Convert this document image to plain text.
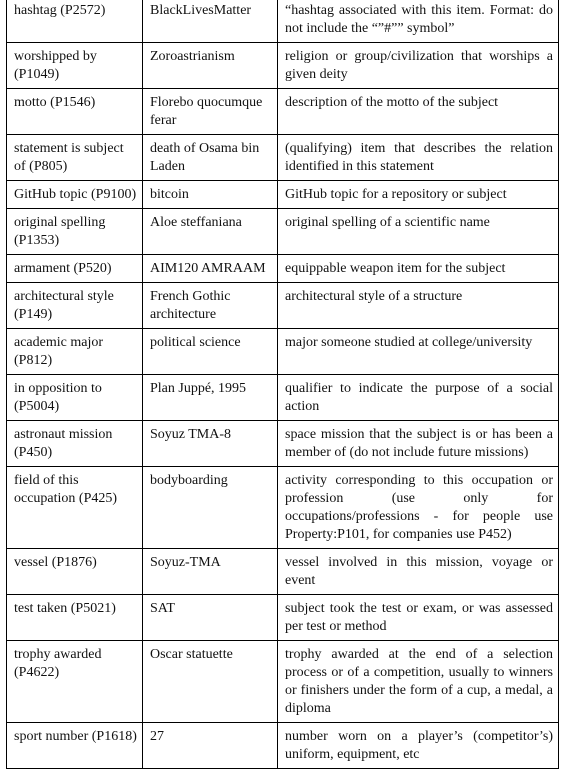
hashtag (P2572)	BlackLivesMatter	“hashtag associated with this item. Format: do not include the “”#”” symbol”
worshipped by (P1049)	Zoroastrianism	religion or group/civilization that worships a given deity
motto (P1546)	Florebo quocumque ferar	description of the motto of the subject
statement is subject of (P805)	death of Osama bin Laden	(qualifying) item that describes the relation identified in this statement
GitHub topic (P9100)	bitcoin	GitHub topic for a repository or subject
original spelling (P1353)	Aloe steffaniana	original spelling of a scientific name
armament (P520)	AIM120 AMRAAM	equippable weapon item for the subject
architectural style (P149)	French Gothic architecture	architectural style of a structure
academic major (P812)	political science	major someone studied at college/university
in opposition to (P5004)	Plan Juppé, 1995	qualifier to indicate the purpose of a social action
astronaut mission (P450)	Soyuz TMA-8	space mission that the subject is or has been a member of (do not include future missions)
field of this occupation (P425)	bodyboarding	activity corresponding to this occupation or profession (use only for occupations/professions - for people use Property:P101, for companies use P452)
vessel (P1876)	Soyuz-TMA	vessel involved in this mission, voyage or event
test taken (P5021)	SAT	subject took the test or exam, or was assessed per test or method
trophy awarded (P4622)	Oscar statuette	trophy awarded at the end of a selection process or of a competition, usually to winners or finishers under the form of a cup, a medal, a diploma
sport number (P1618)	27	number worn on a player’s (competitor’s) uniform, equipment, etc
